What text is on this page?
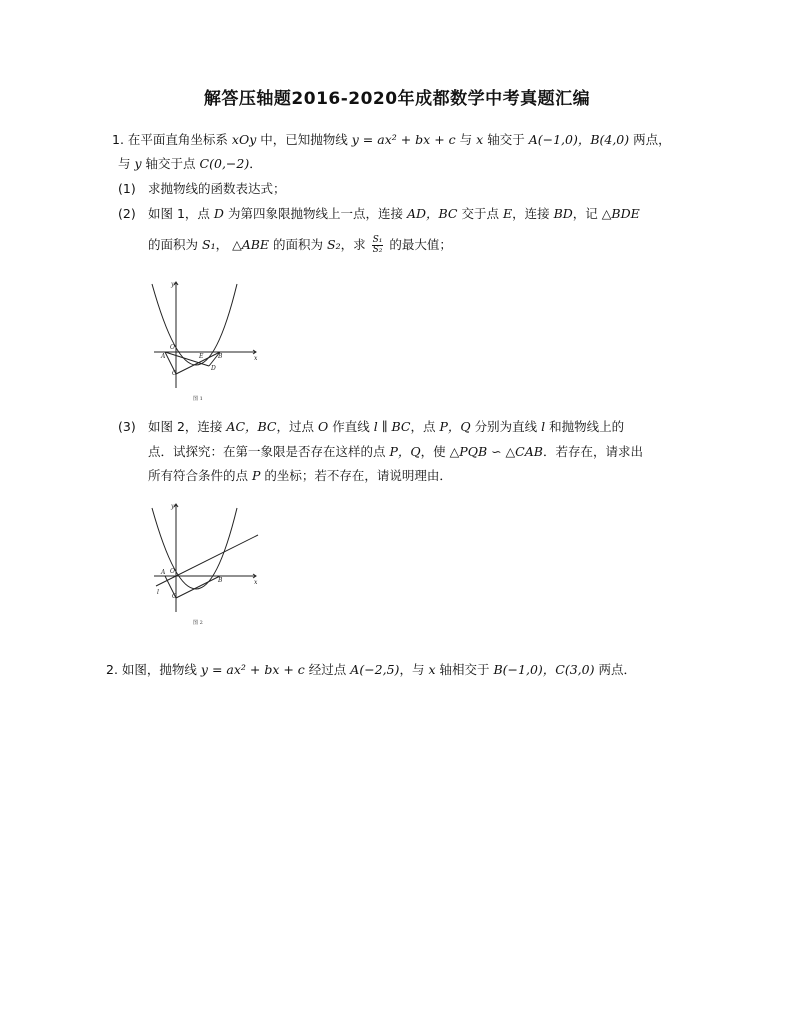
解答压轴题2016-2020年成都数学中考真题汇编
1. 在平面直角坐标系 xOy 中，已知抛物线 y = ax² + bx + c 与 x 轴交于 A(−1,0)，B(4,0) 两点，
与 y 轴交于点 C(0,−2)．
(1) 求抛物线的函数表达式；
(2) 如图 1，点 D 为第四象限抛物线上一点，连接 AD，BC 交于点 E，连接 BD，记 △BDE
的面积为 S₁， △ABE 的面积为 S₂，求 $\frac{\text{S₁}}{\text{S₂}}$ 的最大值；
y
x
O
A	E B
C
D
图 1
(3) 如图 2，连接 AC，BC，过点 O 作直线 l ∥ BC，点 P，Q 分别为直线 l 和抛物线上的
点．试探究：在第一象限是否存在这样的点 P，Q，使 △PQB ∽ △CAB．若存在，请求出
所有符合条件的点 P 的坐标；若不存在，请说明理由．
y
x
O
A
B
C
l
图 2
2. 如图，抛物线 y = ax² + bx + c 经过点 A(−2,5)，与 x 轴相交于 B(−1,0)，C(3,0) 两点．
